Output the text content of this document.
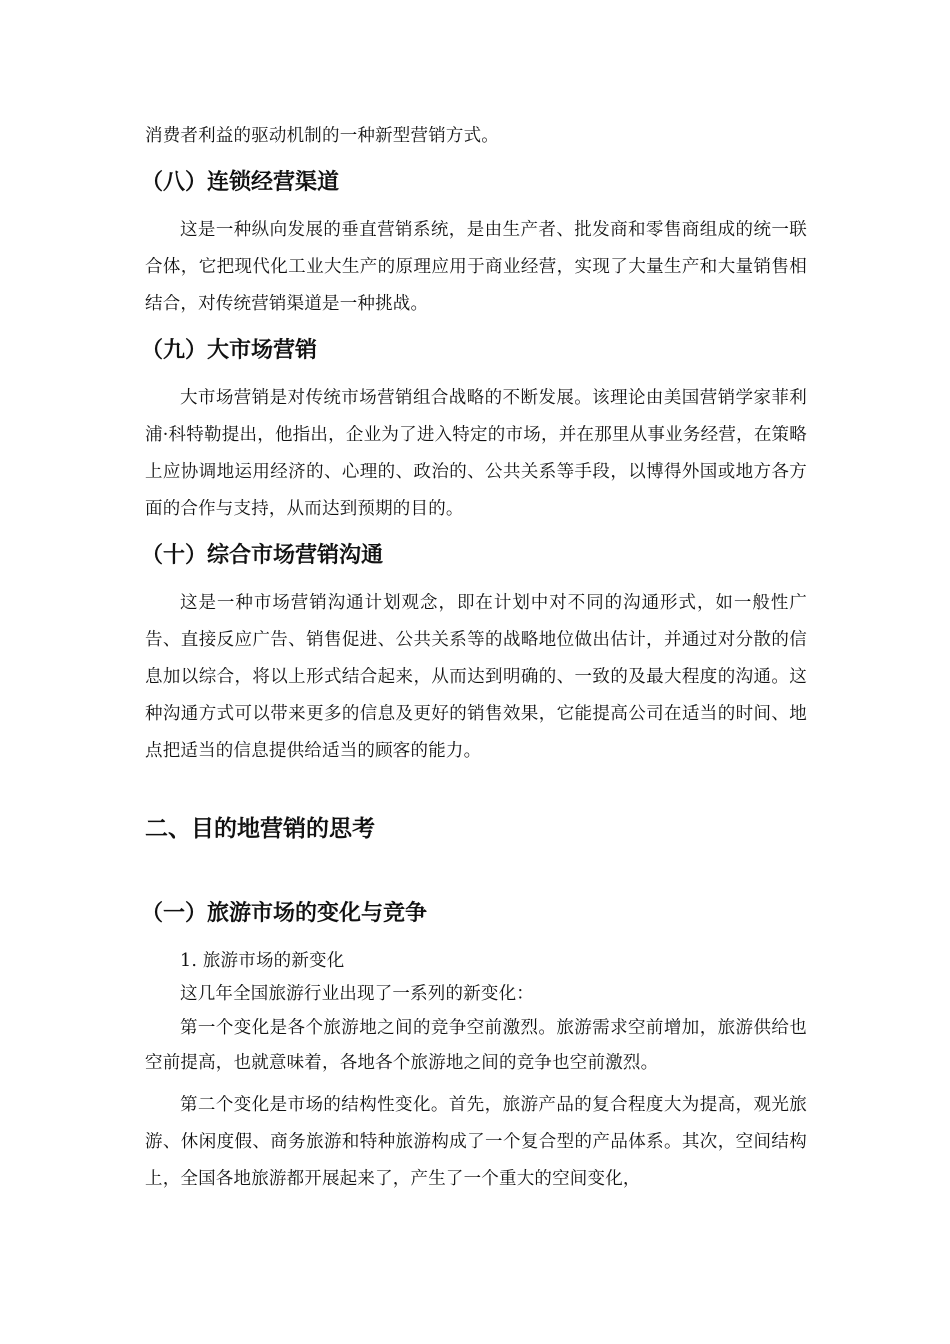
消费者利益的驱动机制的一种新型营销方式。

（八）连锁经营渠道

这是一种纵向发展的垂直营销系统，是由生产者、批发商和零售商组成的统一联合体，它把现代化工业大生产的原理应用于商业经营，实现了大量生产和大量销售相结合，对传统营销渠道是一种挑战。

（九）大市场营销

大市场营销是对传统市场营销组合战略的不断发展。该理论由美国营销学家菲利浦·科特勒提出，他指出，企业为了进入特定的市场，并在那里从事业务经营，在策略上应协调地运用经济的、心理的、政治的、公共关系等手段，以博得外国或地方各方面的合作与支持，从而达到预期的目的。

（十）综合市场营销沟通

这是一种市场营销沟通计划观念，即在计划中对不同的沟通形式，如一般性广告、直接反应广告、销售促进、公共关系等的战略地位做出估计，并通过对分散的信息加以综合，将以上形式结合起来，从而达到明确的、一致的及最大程度的沟通。这种沟通方式可以带来更多的信息及更好的销售效果，它能提高公司在适当的时间、地点把适当的信息提供给适当的顾客的能力。

二、目的地营销的思考
（一）旅游市场的变化与竞争

1. 旅游市场的新变化

这几年全国旅游行业出现了一系列的新变化：

第一个变化是各个旅游地之间的竞争空前激烈。旅游需求空前增加，旅游供给也空前提高，也就意味着，各地各个旅游地之间的竞争也空前激烈。

第二个变化是市场的结构性变化。首先，旅游产品的复合程度大为提高，观光旅游、休闲度假、商务旅游和特种旅游构成了一个复合型的产品体系。其次，空间结构上，全国各地旅游都开展起来了，产生了一个重大的空间变化，
